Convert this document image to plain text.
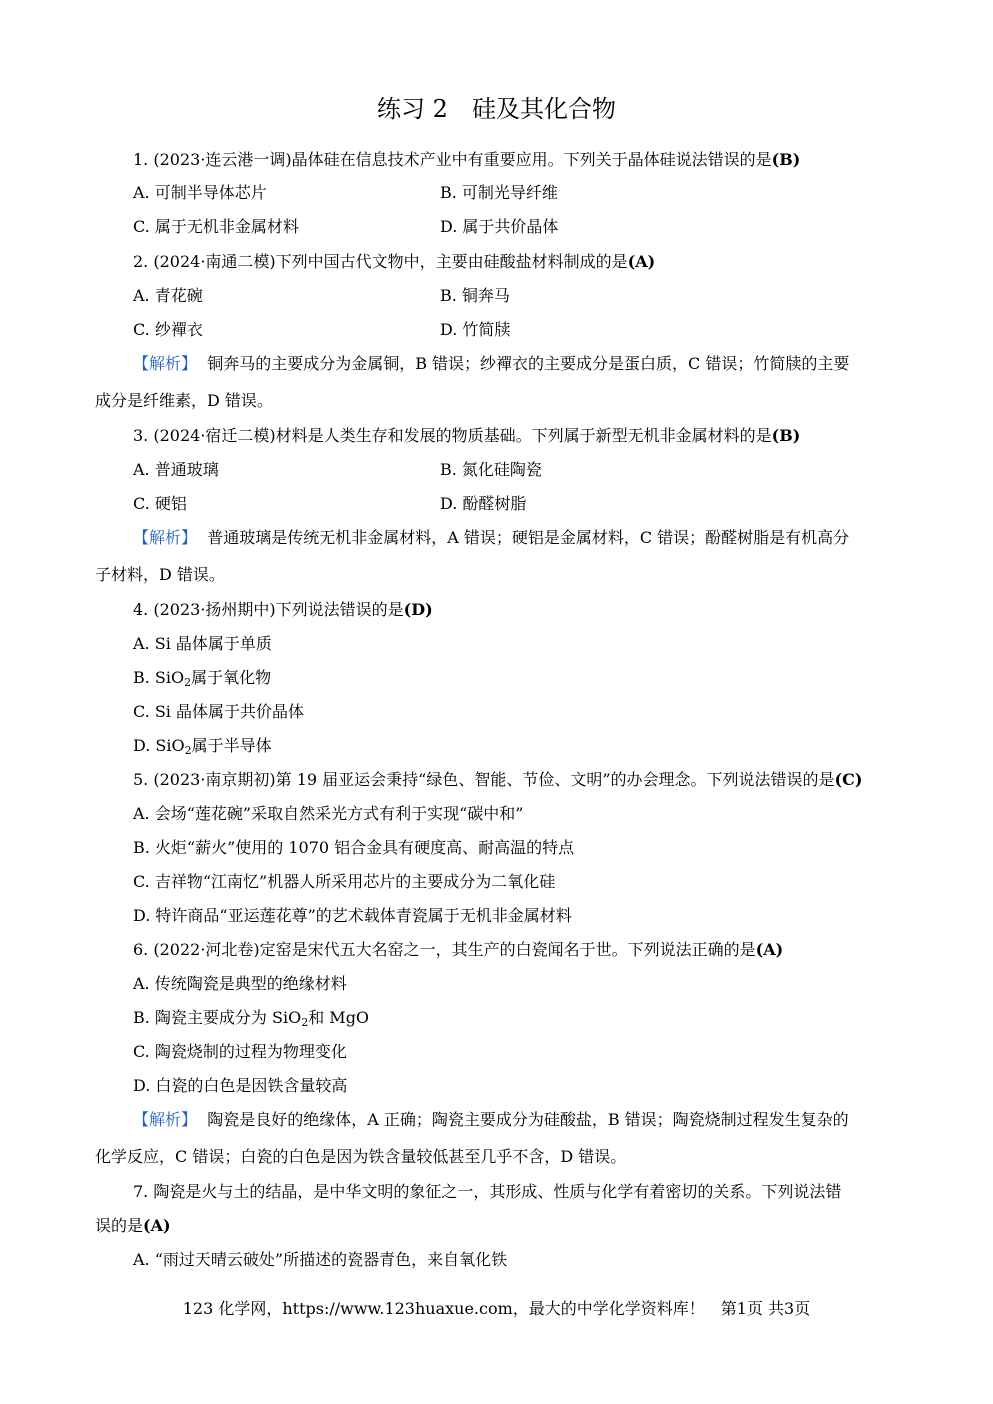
练习 2　硅及其化合物
1. (2023·连云港一调)晶体硅在信息技术产业中有重要应用。下列关于晶体硅说法错误的是(B)
A. 可制半导体芯片	B. 可制光导纤维
C. 属于无机非金属材料	D. 属于共价晶体
2. (2024·南通二模)下列中国古代文物中，主要由硅酸盐材料制成的是(A)
A. 青花碗	B. 铜奔马
C. 纱襌衣	D. 竹简牍
【解析】 铜奔马的主要成分为金属铜，B 错误；纱襌衣的主要成分是蛋白质，C 错误；竹简牍的主要
成分是纤维素，D 错误。
3. (2024·宿迁二模)材料是人类生存和发展的物质基础。下列属于新型无机非金属材料的是(B)
A. 普通玻璃	B. 氮化硅陶瓷
C. 硬铝	D. 酚醛树脂
【解析】 普通玻璃是传统无机非金属材料，A 错误；硬铝是金属材料，C 错误；酚醛树脂是有机高分
子材料，D 错误。
4. (2023·扬州期中)下列说法错误的是(D)
A. Si 晶体属于单质
B. SiO$_2$属于氧化物
C. Si 晶体属于共价晶体
D. SiO$_2$属于半导体
5. (2023·南京期初)第 19 届亚运会秉持“绿色、智能、节俭、文明”的办会理念。下列说法错误的是(C)
A. 会场“莲花碗”采取自然采光方式有利于实现“碳中和”
B. 火炬“薪火”使用的 1070 铝合金具有硬度高、耐高温的特点
C. 吉祥物“江南忆”机器人所采用芯片的主要成分为二氧化硅
D. 特许商品“亚运莲花尊”的艺术载体青瓷属于无机非金属材料
6. (2022·河北卷)定窑是宋代五大名窑之一，其生产的白瓷闻名于世。下列说法正确的是(A)
A. 传统陶瓷是典型的绝缘材料
B. 陶瓷主要成分为 SiO$_2$和 MgO
C. 陶瓷烧制的过程为物理变化
D. 白瓷的白色是因铁含量较高
【解析】 陶瓷是良好的绝缘体，A 正确；陶瓷主要成分为硅酸盐，B 错误；陶瓷烧制过程发生复杂的
化学反应，C 错误；白瓷的白色是因为铁含量较低甚至几乎不含，D 错误。
7. 陶瓷是火与土的结晶，是中华文明的象征之一，其形成、性质与化学有着密切的关系。下列说法错
误的是(A)
A. “雨过天晴云破处”所描述的瓷器青色，来自氧化铁
123 化学网，https://www.123huaxue.com，最大的中学化学资料库！　第1页 共3页
